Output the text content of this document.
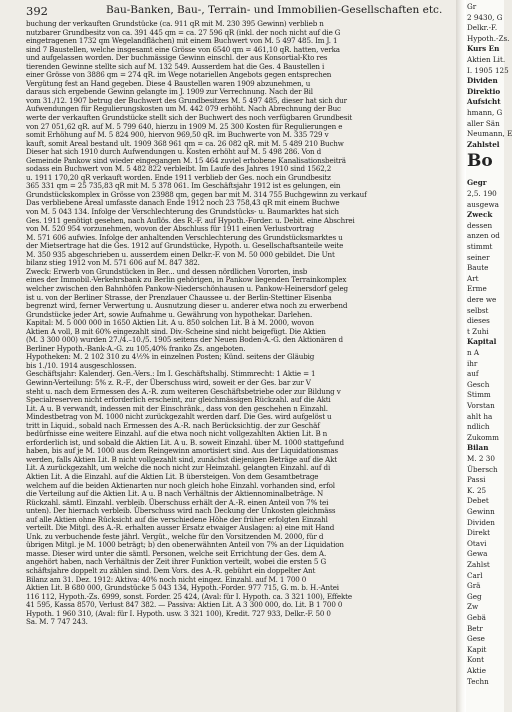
392	Bau-Banken, Bau-, Terrain- und Immobilien-Gesellschaften etc.
buchung der verkauften Grundstücke (ca. 911 qR mit M. 230 395 Gewinn) verblieb n
nutzbarer Grundbesitz von ca. 391 445 qm = ca. 27 596 qR (inkl. der noch nicht auf die G
eingetragenen 1732 qm Wegelandflächen) mit einem Buchwert von M. 5 497 485. Im J. 1
sind 7 Baustellen, welche insgesamt eine Grösse von 6540 qm = 461,10 qR. hatten, verka
und aufgelassen worden. Der buchmässige Gewinn einschl. der aus Konsortial-Kto res
tierenden Gewinne stellte sich auf M. 132 549. Ausserdem hat die Ges. 4 Baustellen i
einer Grösse von 3886 qm = 274 qR. im Wege notariellen Angebots gegen entsprechen
Vergütung fest an Hand gegeben. Diese 4 Baustellen waren 1909 abzunehmen, u
daraus sich ergebende Gewinn gelangte im J. 1909 zur Verrechnung. Nach der Bil
vom 31./12. 1907 betrug der Buchwert des Grundbesitzes M. 5 497 485, dieser hat sich dur
Aufwendungen für Regulierungskosten um M. 442 079 erhöht. Nach Abrechnung der Buc
werte der verkauften Grundstücke stellt sich der Buchwert des noch verfügbaren Grundbesit
von 27 051,62 qR. auf M. 5 799 640, hierzu in 1909 M. 25 300 Kosten für Regulierungen e
somit Erhöhung auf M. 5 824 900, hiervon 969,50 qR. im Buchwerte von M. 335 729 v
kauft, somit Areal bestand ult. 1909 368 961 qm = ca. 26 082 qR. mit M. 5 489 210 Buchw
Dieser hat sich 1910 durch Aufwendungen u. Kosten erhöht auf M. 5 498 286. Von d
Gemeinde Pankow sind wieder eingegangen M. 15 464 zuviel erhobene Kanalisationsbeiträ
sodass ein Buchwert von M. 5 482 822 verbleibt. Im Laufe des Jahres 1910 sind 1562,2
u. 1911 170,20 qR verkauft worden. Ende 1911 verblieb der Ges. noch ein Grundbesitz
365 331 qm = 25 735,83 qR mit M. 5 378 061. Im Geschäftsjahr 1912 ist es gelungen, ein
Grundstückskomplex in Grösse von 23988 qm, gegen bar mit M. 314 755 Buchgewinn zu verkauf
Das verbliebene Areal umfasste danach Ende 1912 noch 23 758,43 qR mit einem Buchwe
von M. 5 043 134. Infolge der Verschlechterung des Grundstücks- u. Baumarktes hat sich
Ges. 1911 genötigt gesehen, nach Auflös. des R.-F. auf Hypoth.-Forder. u. Debit. eine Abschrei
von M. 520 954 vorzunehmen, wovon der Abschluss für 1911 einen Verlustvortrag
M. 571 606 aufwies. Infolge der anhaltenden Verschlechterung des Grundstücksmarktes u
der Mietsertrage hat die Ges. 1912 auf Grundstücke, Hypoth. u. Gesellschaftsanteile weite
M. 350 935 abgeschrieben u. ausserdem einen Delkr.-F. von M. 50 000 gebildet. Die Unt
bilanz stieg 1912 von M. 571 606 auf M. 847 382.
Zweck: Erwerb von Grundstücken in Ber... und dessen nördlichen Vororten, insb
eines der Immobil.-Verkehrsbank zu Berlin gehörigen, in Pankow liegenden Terrainkomplex
welcher zwischen den Bahnhöfen Pankow-Niederschönhausen u. Pankow-Heinersdorf geleg
ist u. von der Berliner Strasse, der Prenzlauer Chaussee u. der Berlin-Stettiner Eisenba
begrenzt wird, ferner Verwertung u. Ausnutzung dieser u. anderer etwa noch zu erwerbend
Grundstücke jeder Art, sowie Aufnahme u. Gewährung von hypothekar. Darlehen.
Kapital: M. 5 000 000 in 1650 Aktien Lit. A u. 850 solchen Lit. B à M. 2000, wovon
Aktien A voll, B mit 60% eingezahlt sind. Div.-Scheine sind nicht beigefügt. Die Aktien
(M. 3 300 000) wurden 27./4.–10./5. 1905 seitens der Neuen Boden-A.-G. den Aktionären d
Berliner Hypoth.-Bank-A.-G. zu 105,40% franko Zs. angeboten.
Hypotheken: M. 2 102 310 zu 4½% in einzelnen Posten; Künd. seitens der Gläubig
bis 1./10. 1914 ausgeschlossen.
Geschäftsjahr: Kalenderj. Gen.-Vers.: Im I. Geschäftshalbj. Stimmrecht: 1 Aktie = 1
Gewinn-Verteilung: 5% z. R.-F., der Überschuss wird, soweit er der Ges. bar zur V
steht u. nach dem Ermessen des A.-R. zum weiteren Geschäftsbetriebe oder zur Bildung v
Specialreserven nicht erforderlich erscheint, zur gleichmässigen Rückzahl. auf die Akti
Lit. A u. B verwandt, indessen mit der Einschränk., dass von den geschehen n Einzahl.
Mindestbetrag von M. 1000 nicht zurückgezahlt werden darf. Die Ges. wird aufgelöst u
tritt in Liquid., sobald nach Ermessen des A.-R. nach Berücksichtig. der zur Geschäf
bedürfnisse eine weitere Einzahl. auf die etwa noch nicht vollgezahlten Aktien Lit. B n
erforderlich ist, und sobald die Aktien Lit. A u. B. soweit Einzahl. über M. 1000 stattgefund
haben, bis auf je M. 1000 aus dem Reingewinn amortisiert sind. Aus der Liquidationsmas
werden, falls Aktien Lit. B nicht vollgezahlt sind, zunächst diejenigen Beträge auf die Akt
Lit. A zurückgezahlt, um welche die noch nicht zur Heimzahl. gelangten Einzahl. auf di
Aktien Lit. A die Einzahl. auf die Aktien Lit. B übersteigen. Von dem Gesamtbetrage
welchem auf die beiden Aktienarten nur noch gleich hohe Einzahl. vorhanden sind, erfol
die Verteilung auf die Aktien Lit. A u. B nach Verhältnis der Aktiennominalbeträge. N
Rückzahl. sämtl. Einzahl. verbleib. Überschuss erhält der A.-R. einen Anteil von 7% tei
unten). Der hiernach verbleib. Überschuss wird nach Deckung der Unkosten gleichmäss
auf alle Aktien ohne Rücksicht auf die verschiedene Höhe der früher erfolgten Einzahl
verteilt. Die Mitgl. des A.-R. erhalten ausser Ersatz etwaiger Auslagen: a) eine mit Hand
Unk. zu verbuchende feste jährl. Vergüt., welche für den Vorsitzenden M. 2000, für d
übrigen Mitgl. je M. 1000 beträgt; b) den obenerwähnten Anteil von 7% an der Liquidation
masse. Dieser wird unter die sämtl. Personen, welche seit Errichtung der Ges. dem A.
angehört haben, nach Verhältnis der Zeit ihrer Funktion verteilt, wobei die ersten 5 G
schäftsjahre doppelt zu zählen sind. Dem Vors. des A.-R. gebührt ein doppelter Ant
Bilanz am 31. Dez. 1912: Aktiva: 40% noch nicht eingez. Einzahl. auf M. 1 700 0
Aktien Lit. B 680 000, Grundstücke 5 043 134, Hypoth.-Forder. 977 715, G. m. b. H.-Antei
116 112, Hypoth.-Zs. 6999, sonst. Forder. 25 424, (Aval: für I. Hypoth. ca. 3 321 100), Effekte
41 595, Kassa 8570, Verlust 847 382. — Passiva: Aktien Lit. A 3 300 000, do. Lit. B 1 700 0
Hypoth. 1 960 310, (Aval: für I. Hypoth. usw. 3 321 100), Kredit. 727 933, Delkr.-F. 50 0
Sa. M. 7 747 243.
Gr
2 9430, G
Delkr.-F.
Hypoth.-Zs.
Kurs En
Aktien Lit.
I. 1905 125
Dividen
Direktio
Aufsicht
hmann, G
aller Sän
Neumann, E
Zahlstel
Bo
Gegr
2,5. 190
ausgewa
Zweck
dessen
anzen od
stimmt
seiner
Baute
Art
Erme
dere we
selbst
dieses
t Zuhi
Kapital
n A
ihr
auf
Gesch
Stimm
Vorstan
ahlt ha
ndlich
Zukomm
Bilan
M. 2 30
Übersch
Passi
K. 25
Debet
Gewinn
Dividen
Direkt
Otavi
Gewa
Zahlst
Carl
Grä
Geg
Zw
Gebä
Betr
Gese
Kapit
Kont
Aktie
Techn
